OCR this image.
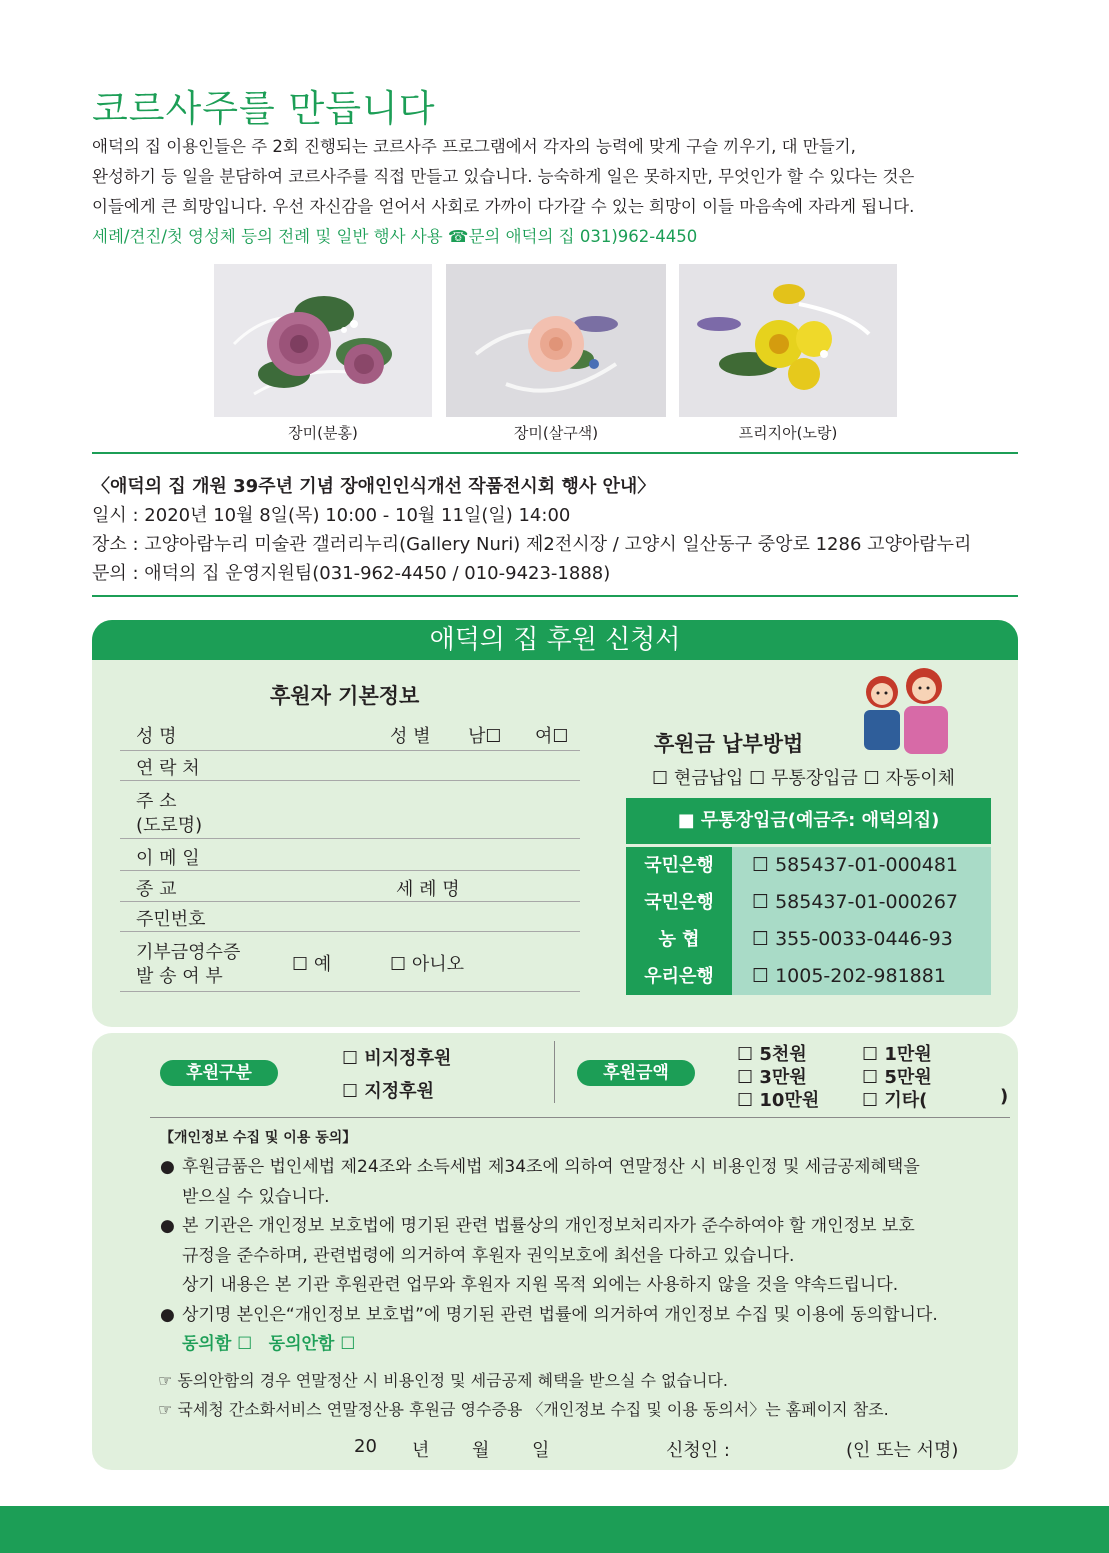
코르사주를 만듭니다
애덕의 집 이용인들은 주 2회 진행되는 코르사주 프로그램에서 각자의 능력에 맞게 구슬 끼우기, 대 만들기,
완성하기 등 일을 분담하여 코르사주를 직접 만들고 있습니다. 능숙하게 일은 못하지만, 무엇인가 할 수 있다는 것은
이들에게 큰 희망입니다. 우선 자신감을 얻어서 사회로 가까이 다가갈 수 있는 희망이 이들 마음속에 자라게 됩니다.
세례/견진/첫 영성체 등의 전례 및 일반 행사 사용 ☎문의 애덕의 집 031)962-4450
장미(분홍)	장미(살구색)	프리지아(노랑)
〈애덕의 집 개원 39주년 기념 장애인인식개선 작품전시회 행사 안내〉
일시 : 2020년 10월 8일(목) 10:00 - 10월 11일(일) 14:00
장소 : 고양아람누리 미술관 갤러리누리(Gallery Nuri) 제2전시장 / 고양시 일산동구 중앙로 1286 고양아람누리
문의 : 애덕의 집 운영지원팀(031-962-4450 / 010-9423-1888)
애덕의 집 후원 신청서
후원자 기본정보
성 명	성 별 남☐ 여☐
연 락 처
주 소
(도로명)
이 메 일
종 교	세 례 명
주민번호
기부금영수증
발 송 여 부
☐ 예	☐ 아니오
후원금 납부방법
☐ 현금납입 ☐ 무통장입금 ☐ 자동이체
■ 무통장입금(예금주: 애덕의집)
국민은행	☐ 585437-01-000481
국민은행	☐ 585437-01-000267
농 협	☐ 355-0033-0446-93
우리은행	☐ 1005-202-981881
후원구분
☐ 비지정후원
☐ 지정후원
후원금액
☐ 5천원	☐ 1만원
☐ 3만원	☐ 5만원
☐ 10만원 ☐ 기타(	)
【개인정보 수집 및 이용 동의】
● 후원금품은 법인세법 제24조와 소득세법 제34조에 의하여 연말정산 시 비용인정 및 세금공제혜택을
받으실 수 있습니다.
● 본 기관은 개인정보 보호법에 명기된 관련 법률상의 개인정보처리자가 준수하여야 할 개인정보 보호
규정을 준수하며, 관련법령에 의거하여 후원자 권익보호에 최선을 다하고 있습니다.
상기 내용은 본 기관 후원관련 업무와 후원자 지원 목적 외에는 사용하지 않을 것을 약속드립니다.
● 상기명 본인은“개인정보 보호법”에 명기된 관련 법률에 의거하여 개인정보 수집 및 이용에 동의합니다.
동의함 ☐ 동의안함 ☐
☞ 동의안함의 경우 연말정산 시 비용인정 및 세금공제 혜택을 받으실 수 없습니다.
☞ 국세청 간소화서비스 연말정산용 후원금 영수증용 〈개인정보 수집 및 이용 동의서〉는 홈페이지 참조.
20 년 월 일	신청인 :	(인 또는 서명)
